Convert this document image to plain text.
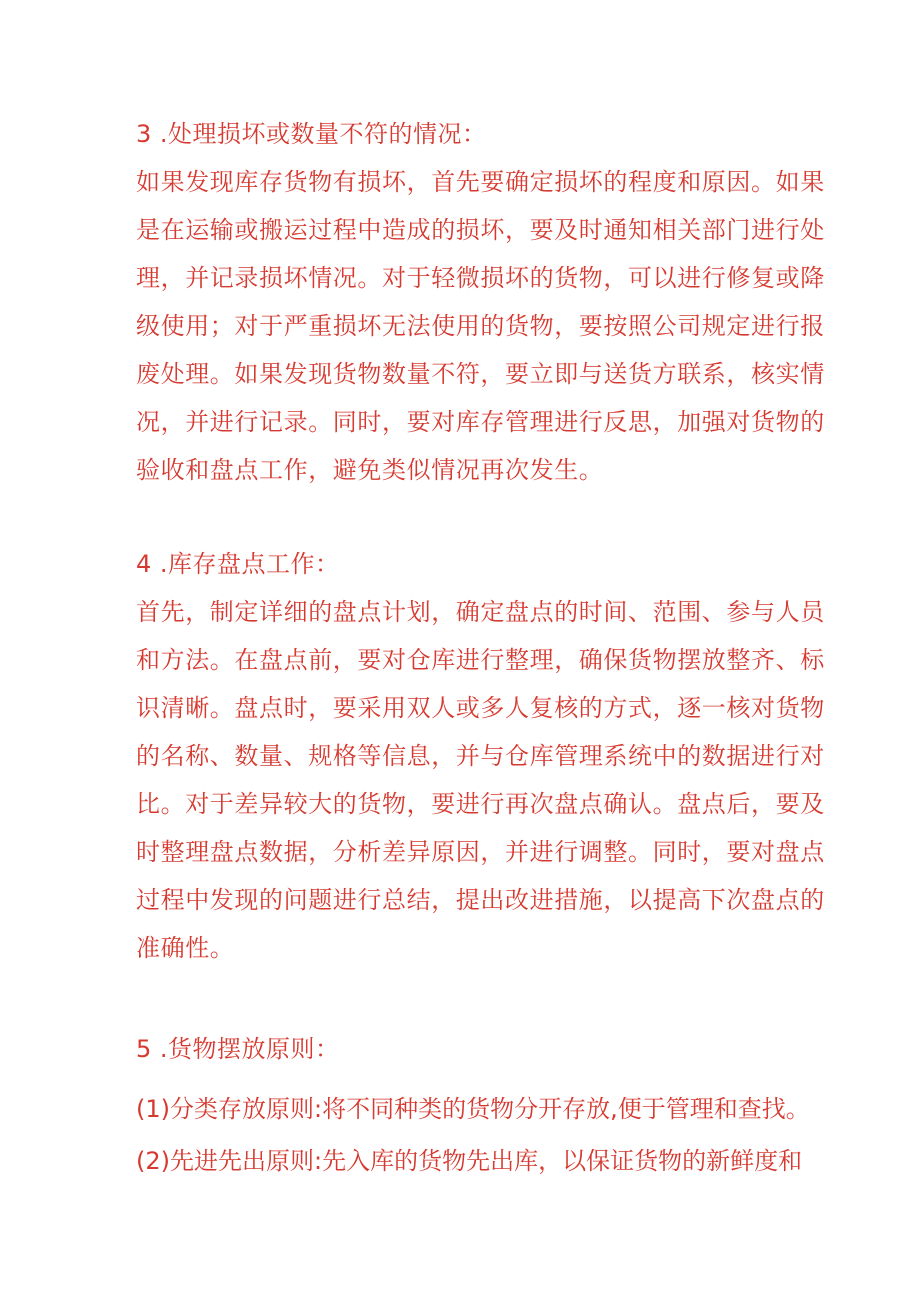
3 .处理损坏或数量不符的情况：
如果发现库存货物有损坏，首先要确定损坏的程度和原因。如果
是在运输或搬运过程中造成的损坏，要及时通知相关部门进行处
理，并记录损坏情况。对于轻微损坏的货物，可以进行修复或降
级使用；对于严重损坏无法使用的货物，要按照公司规定进行报
废处理。如果发现货物数量不符，要立即与送货方联系，核实情
况，并进行记录。同时，要对库存管理进行反思，加强对货物的
验收和盘点工作，避免类似情况再次发生。
4 .库存盘点工作：
首先，制定详细的盘点计划，确定盘点的时间、范围、参与人员
和方法。在盘点前，要对仓库进行整理，确保货物摆放整齐、标
识清晰。盘点时，要采用双人或多人复核的方式，逐一核对货物
的名称、数量、规格等信息，并与仓库管理系统中的数据进行对
比。对于差异较大的货物，要进行再次盘点确认。盘点后，要及
时整理盘点数据，分析差异原因，并进行调整。同时，要对盘点
过程中发现的问题进行总结，提出改进措施，以提高下次盘点的
准确性。
5 .货物摆放原则：
(1)分类存放原则:将不同种类的货物分开存放,便于管理和查找。
(2)先进先出原则:先入库的货物先出库，以保证货物的新鲜度和
